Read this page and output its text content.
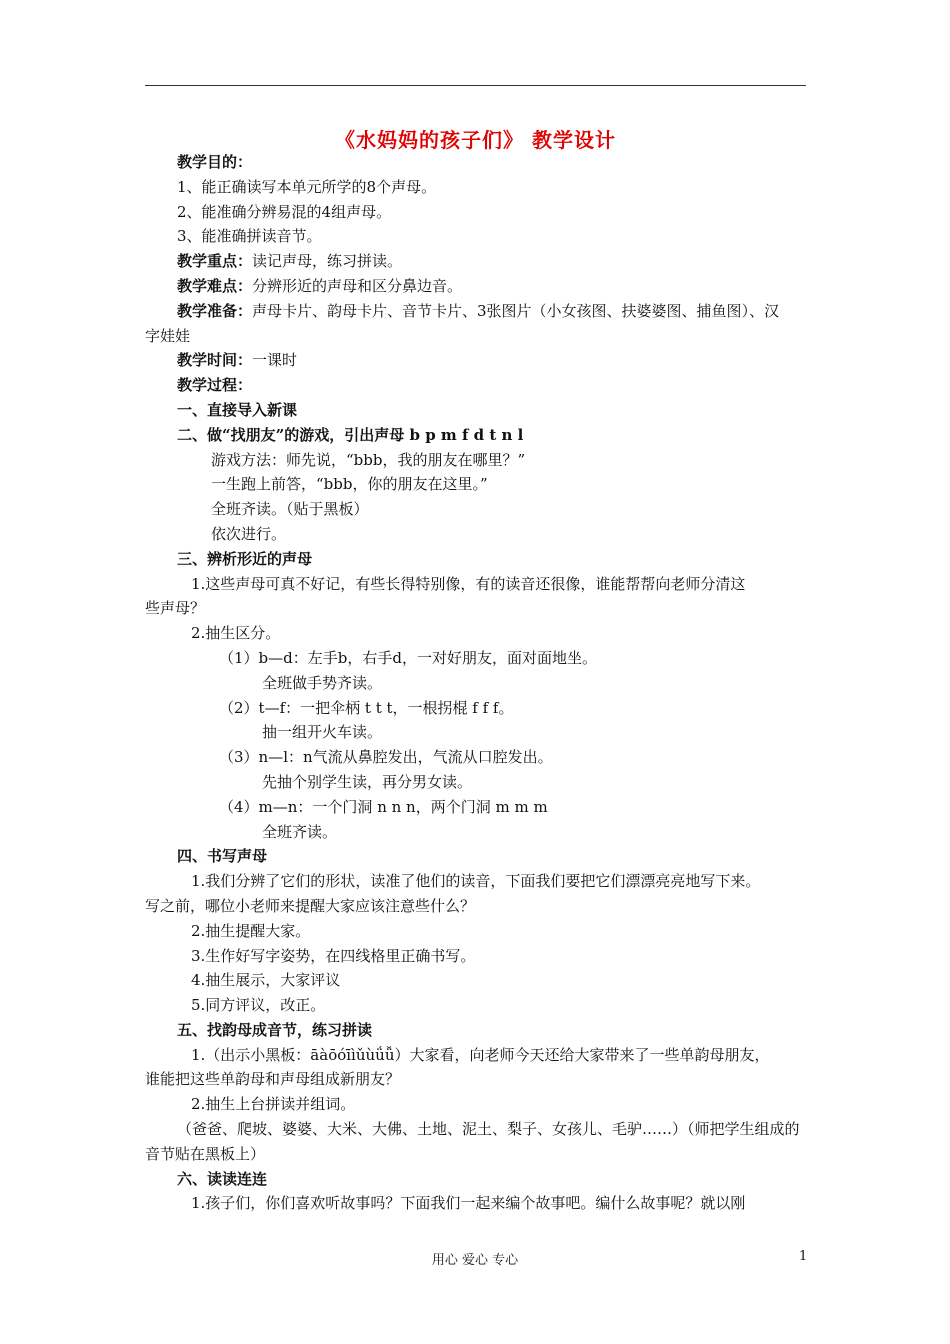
《水妈妈的孩子们》 教学设计
教学目的：
1、能正确读写本单元所学的8个声母。
2、能准确分辨易混的4组声母。
3、能准确拼读音节。
教学重点：读记声母，练习拼读。
教学难点：分辨形近的声母和区分鼻边音。
教学准备：声母卡片、韵母卡片、音节卡片、3张图片（小女孩图、扶婆婆图、捕鱼图）、汉
字娃娃
教学时间：一课时
教学过程：
一、直接导入新课
二、做“找朋友”的游戏，引出声母 b p m f d t n l
游戏方法：师先说，“bbb，我的朋友在哪里？”
一生跑上前答，“bbb，你的朋友在这里。”
全班齐读。（贴于黑板）
依次进行。
三、辨析形近的声母
1.这些声母可真不好记，有些长得特别像，有的读音还很像，谁能帮帮向老师分清这
些声母？
2.抽生区分。
（1）b—d：左手b，右手d，一对好朋友，面对面地坐。
全班做手势齐读。
（2）t—f：一把伞柄 t t t，一根拐棍 f f f。
抽一组开火车读。
（3）n—l：n气流从鼻腔发出，气流从口腔发出。
先抽个别学生读，再分男女读。
（4）m—n：一个门洞 n n n，两个门洞 m m m
全班齐读。
四、书写声母
1.我们分辨了它们的形状，读准了他们的读音，下面我们要把它们漂漂亮亮地写下来。
写之前，哪位小老师来提醒大家应该注意些什么？
2.抽生提醒大家。
3.生作好写字姿势，在四线格里正确书写。
4.抽生展示，大家评议
5.同方评议，改正。
五、找韵母成音节，练习拼读
1.（出示小黑板：āàōóīìǔùǘǚ）大家看，向老师今天还给大家带来了一些单韵母朋友，
谁能把这些单韵母和声母组成新朋友？
2.抽生上台拼读并组词。
（爸爸、爬坡、婆婆、大米、大佛、土地、泥土、梨子、女孩儿、毛驴……）（师把学生组成的
音节贴在黑板上）
六、读读连连
1.孩子们，你们喜欢听故事吗？下面我们一起来编个故事吧。编什么故事呢？就以刚
用心 爱心 专心	1
